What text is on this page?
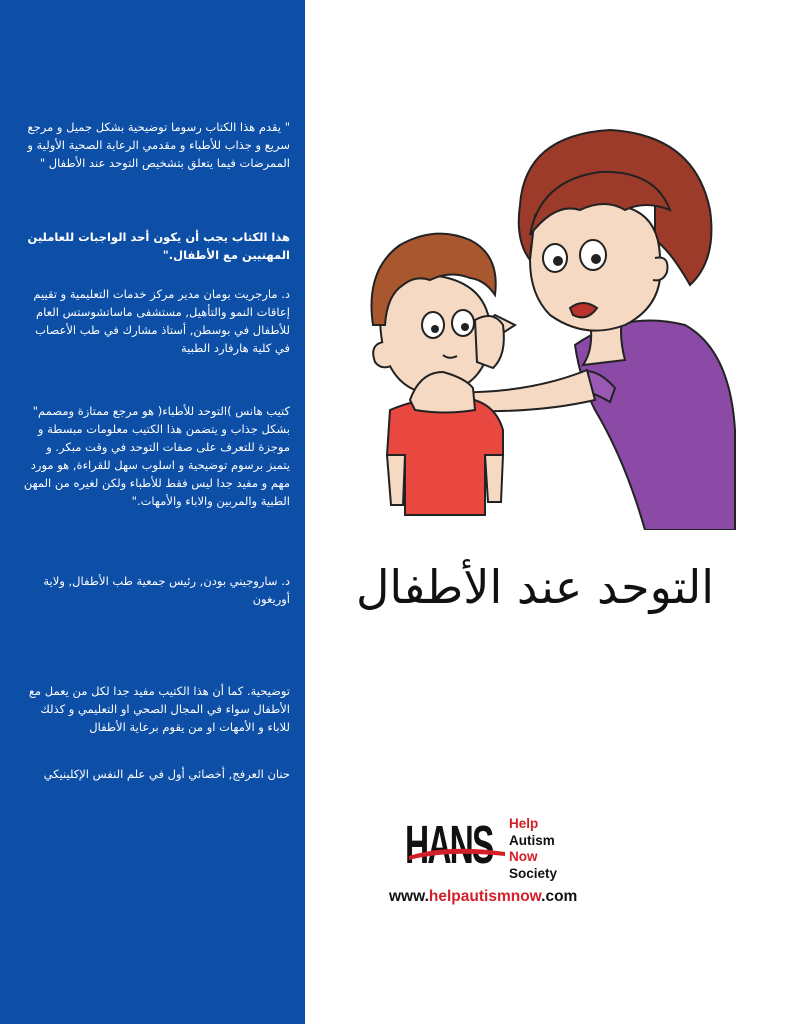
" يقدم هذا الكتاب رسوما توضيحية بشكل جميل و مرجع سريع و جذاب للأطباء و مقدمي الرعاية الصحية الأولية و الممرضات فيما يتعلق بتشخيص التوحد عند الأطفال "

هذا الكتاب يجب أن يكون أحد الواجبات للعاملين المهنيين مع الأطفال."

د. مارجريت بومان مدير مركز خدمات التعليمية و تقييم إعاقات النمو والتأهيل, مستشفى ماساتشوستس العام للأطفال في بوسطن, أستاذ مشارك في طب الأعصاب في كلية هارفارد الطبية

كتيب هانس )التوحد للأطباء( هو مرجع ممتازة ومصمم" بشكل جذاب و يتضمن هذا الكتيب معلومات مبسطة و موجزة للتعرف على صفات التوحد في وقت مبكر. و يتميز برسوم توضيحية و اسلوب سهل للقراءة, هو مورد مهم و مفيد جدا ليس فقط للأطباء ولكن لغيره من المهن الطبية والمربين والاباء والأمهات."

د. ساروجيني بودن, رئيس جمعية طب الأطفال, ولاية أوريغون

توضيحية. كما أن هذا الكتيب مفيد جدا لكل من يعمل مع الأطفال سواء في المجال الصحي او التعليمي و كذلك للاباء و الأمهات او من يقوم برعاية الأطفال

حنان العرفج, أخصائي أول في علم النفس الإكلينيكي

التوحد عند الأطفال
HANS Help
Autism
Now
Society
www.helpautismnow.com
